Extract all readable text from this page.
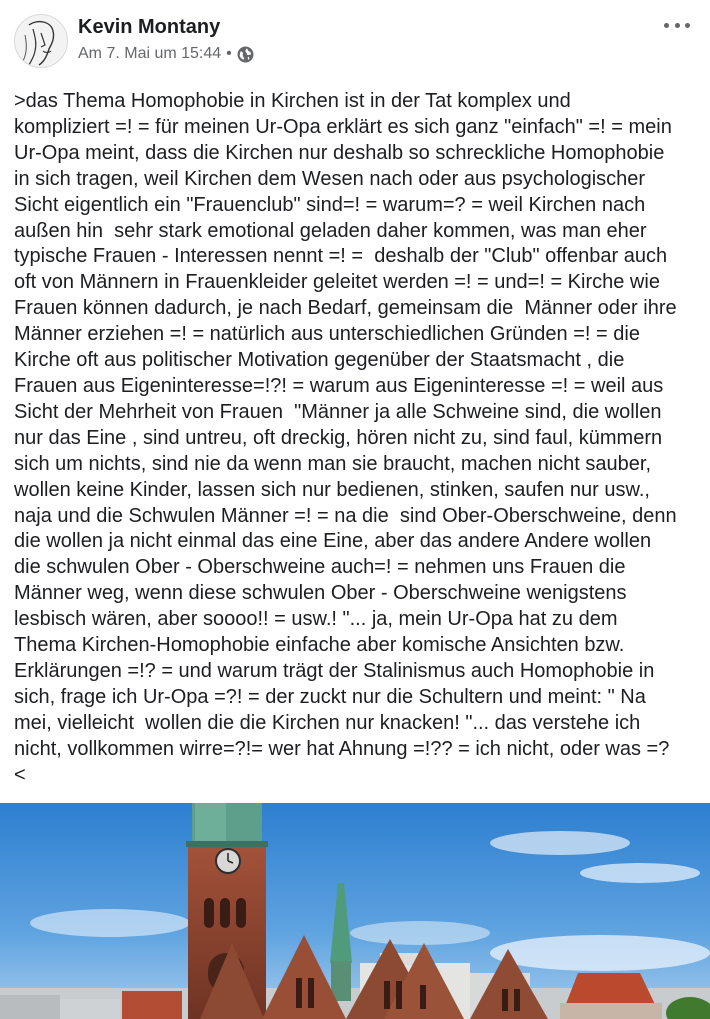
Kevin Montany
Am 7. Mai um 15:44 •
>das Thema Homophobie in Kirchen ist in der Tat komplex und
kompliziert =! = für meinen Ur-Opa erklärt es sich ganz "einfach" =! = mein
Ur-Opa meint, dass die Kirchen nur deshalb so schreckliche Homophobie
in sich tragen, weil Kirchen dem Wesen nach oder aus psychologischer
Sicht eigentlich ein "Frauenclub" sind=! = warum=? = weil Kirchen nach
außen hin  sehr stark emotional geladen daher kommen, was man eher
typische Frauen - Interessen nennt =! =  deshalb der "Club" offenbar auch
oft von Männern in Frauenkleider geleitet werden =! = und=! = Kirche wie
Frauen können dadurch, je nach Bedarf, gemeinsam die  Männer oder ihre
Männer erziehen =! = natürlich aus unterschiedlichen Gründen =! = die
Kirche oft aus politischer Motivation gegenüber der Staatsmacht , die
Frauen aus Eigeninteresse=!?! = warum aus Eigeninteresse =! = weil aus
Sicht der Mehrheit von Frauen  "Männer ja alle Schweine sind, die wollen
nur das Eine , sind untreu, oft dreckig, hören nicht zu, sind faul, kümmern
sich um nichts, sind nie da wenn man sie braucht, machen nicht sauber,
wollen keine Kinder, lassen sich nur bedienen, stinken, saufen nur usw.,
naja und die Schwulen Männer =! = na die  sind Ober-Oberschweine, denn
die wollen ja nicht einmal das eine Eine, aber das andere Andere wollen
die schwulen Ober - Oberschweine auch=! = nehmen uns Frauen die
Männer weg, wenn diese schwulen Ober - Oberschweine wenigstens
lesbisch wären, aber soooo!! = usw.! "... ja, mein Ur-Opa hat zu dem
Thema Kirchen-Homophobie einfache aber komische Ansichten bzw.
Erklärungen =!? = und warum trägt der Stalinismus auch Homophobie in
sich, frage ich Ur-Opa =?! = der zuckt nur die Schultern und meint: " Na
mei, vielleicht  wollen die die Kirchen nur knacken! "... das verstehe ich
nicht, vollkommen wirre=?!= wer hat Ahnung =!?? = ich nicht, oder was =?
<
